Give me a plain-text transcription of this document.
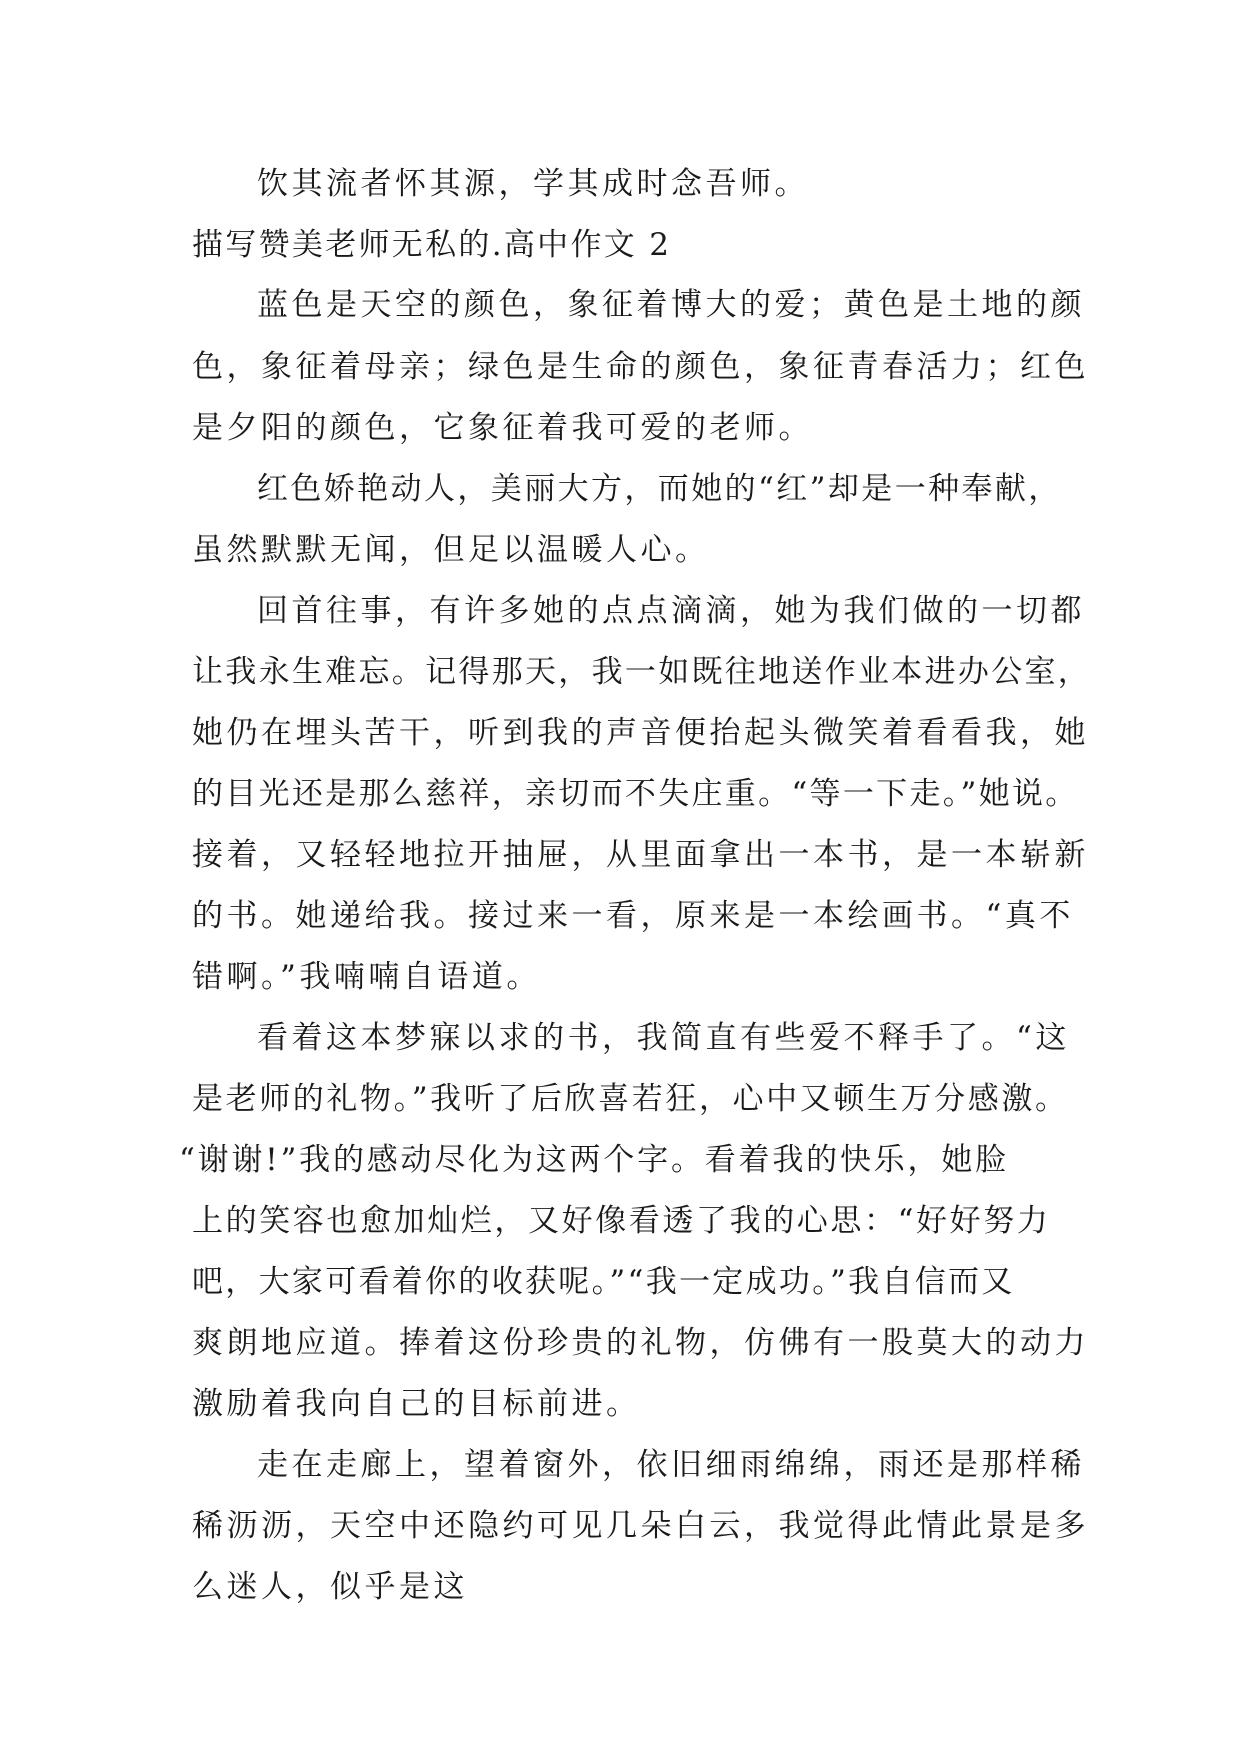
饮其流者怀其源，学其成时念吾师。
描写赞美老师无私的.高中作文 2
蓝色是天空的颜色，象征着博大的爱；黄色是土地的颜
色，象征着母亲；绿色是生命的颜色，象征青春活力；红色
是夕阳的颜色，它象征着我可爱的老师。
红色娇艳动人，美丽大方，而她的“红”却是一种奉献，
虽然默默无闻，但足以温暖人心。
回首往事，有许多她的点点滴滴，她为我们做的一切都
让我永生难忘。记得那天，我一如既往地送作业本进办公室，
她仍在埋头苦干，听到我的声音便抬起头微笑着看看我，她
的目光还是那么慈祥，亲切而不失庄重。“等一下走。”她说。
接着，又轻轻地拉开抽屉，从里面拿出一本书，是一本崭新
的书。她递给我。接过来一看，原来是一本绘画书。“真不
错啊。”我喃喃自语道。
看着这本梦寐以求的书，我简直有些爱不释手了。“这
是老师的礼物。”我听了后欣喜若狂，心中又顿生万分感激。
“谢谢!”我的感动尽化为这两个字。看着我的快乐，她脸
上的笑容也愈加灿烂，又好像看透了我的心思：“好好努力
吧，大家可看着你的收获呢。”“我一定成功。”我自信而又
爽朗地应道。捧着这份珍贵的礼物，仿佛有一股莫大的动力
激励着我向自己的目标前进。
走在走廊上，望着窗外，依旧细雨绵绵，雨还是那样稀
稀沥沥，天空中还隐约可见几朵白云，我觉得此情此景是多
么迷人，似乎是这
